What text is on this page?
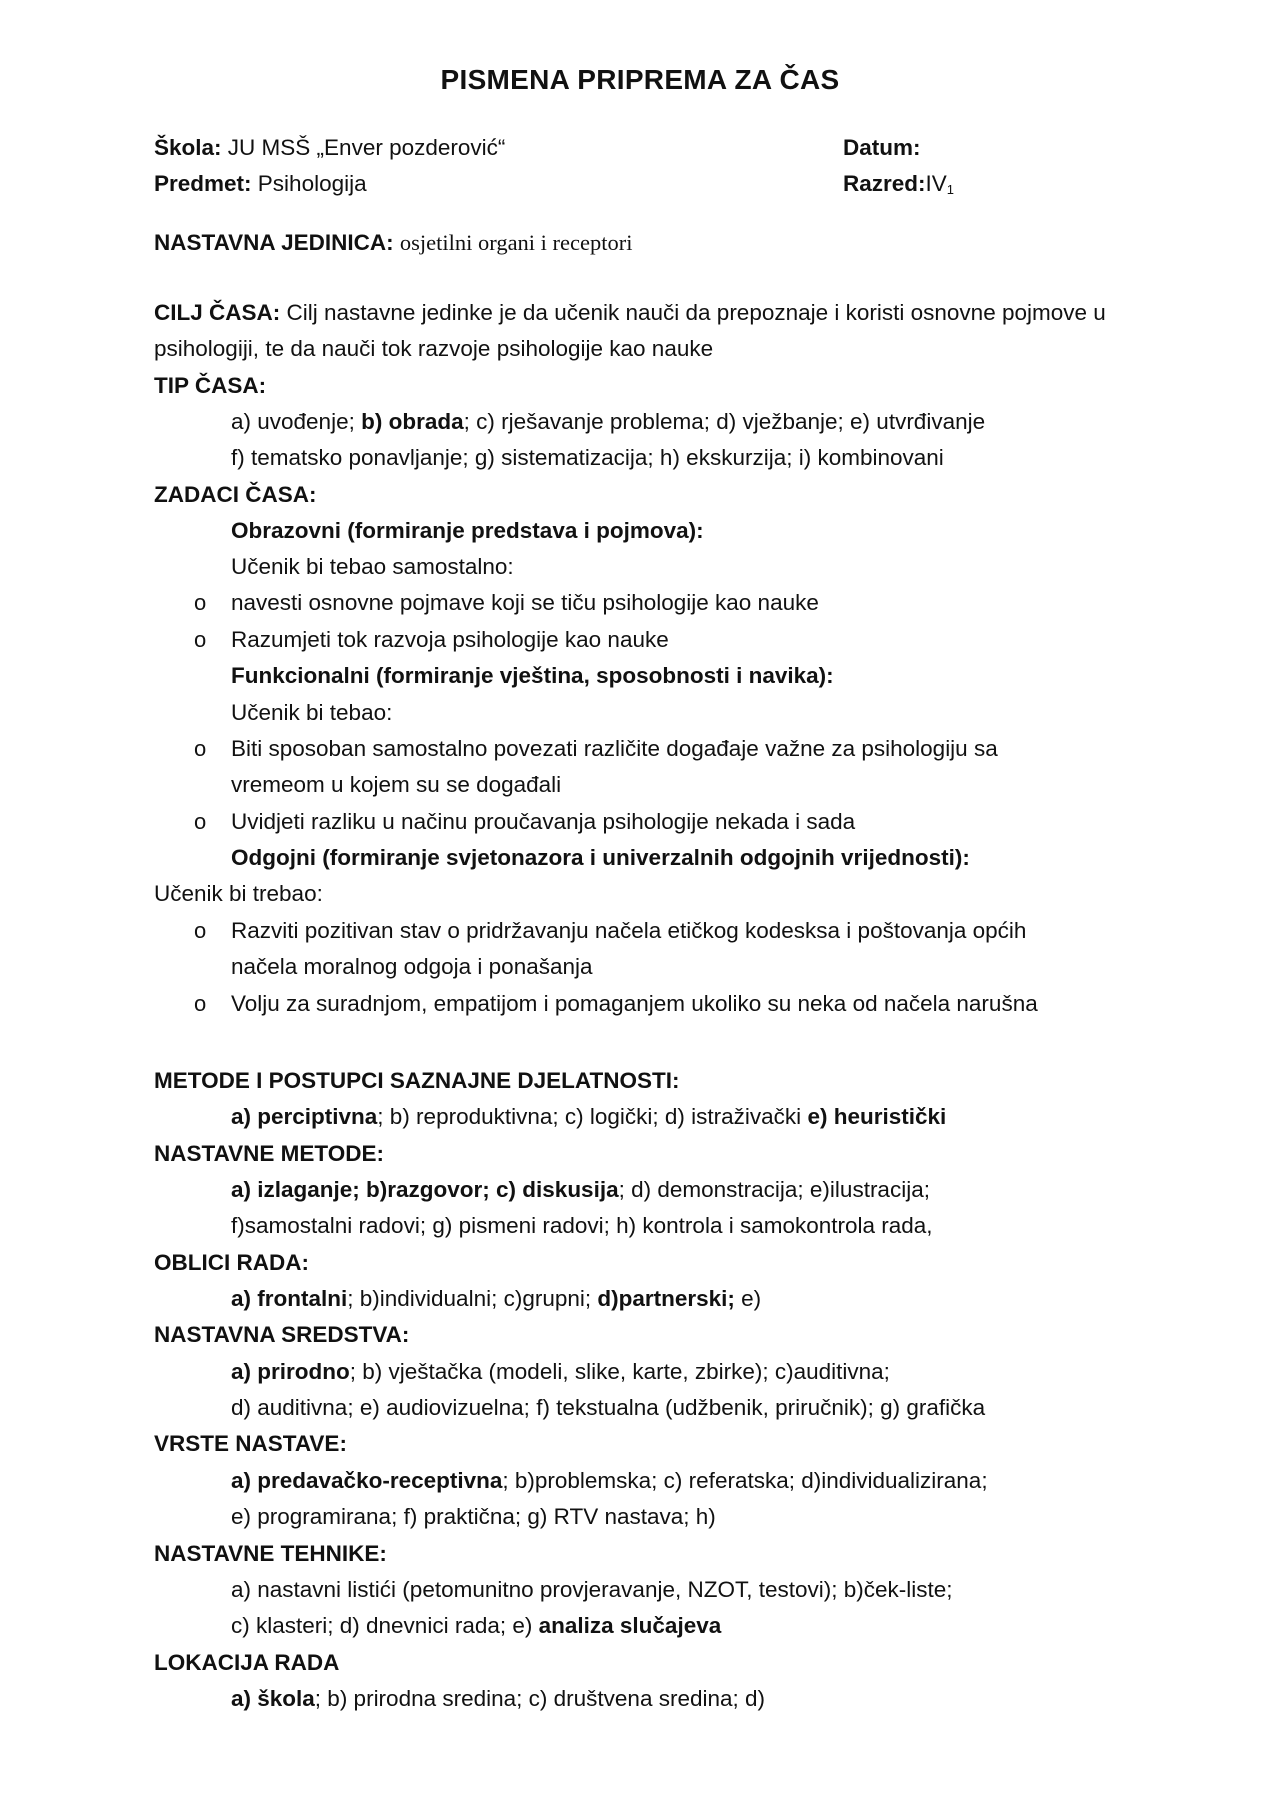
PISMENA PRIPREMA ZA ČAS
Škola: JU MSŠ „Enver pozderović“	Datum:
Predmet: Psihologija	$Razred:IV_1$
NASTAVNA JEDINICA: osjetilni organi i receptori
CILJ ČASA: Cilj nastavne jedinke je da učenik nauči da prepoznaje i koristi osnovne pojmove u
psihologiji, te da nauči tok razvoje psihologije kao nauke
TIP ČASA:
a) uvođenje; b) obrada; c) rješavanje problema; d) vježbanje; e) utvrđivanje
f) tematsko ponavljanje; g) sistematizacija; h) ekskurzija; i) kombinovani
ZADACI ČASA:
Obrazovni (formiranje predstava i pojmova):
Učenik bi tebao samostalno:
o navesti osnovne pojmave koji se tiču psihologije kao nauke
o Razumjeti tok razvoja psihologije kao nauke
Funkcionalni (formiranje vještina, sposobnosti i navika):
Učenik bi tebao:
o Biti sposoban samostalno povezati različite događaje važne za psihologiju sa
vremeom u kojem su se događali
o Uvidjeti razliku u načinu proučavanja psihologije nekada i sada
Odgojni (formiranje svjetonazora i univerzalnih odgojnih vrijednosti):
Učenik bi trebao:
o Razviti pozitivan stav o pridržavanju načela etičkog kodesksa i poštovanja općih
načela moralnog odgoja i ponašanja
o Volju za suradnjom, empatijom i pomaganjem ukoliko su neka od načela narušna
METODE I POSTUPCI SAZNAJNE DJELATNOSTI:
a) perciptivna; b) reproduktivna; c) logički; d) istraživački e) heuristički
NASTAVNE METODE:
a) izlaganje; b)razgovor; c) diskusija; d) demonstracija; e)ilustracija;
f)samostalni radovi; g) pismeni radovi; h) kontrola i samokontrola rada,
OBLICI RADA:
a) frontalni; b)individualni; c)grupni; d)partnerski; e)
NASTAVNA SREDSTVA:
a) prirodno; b) vještačka (modeli, slike, karte, zbirke); c)auditivna;
d) auditivna; e) audiovizuelna; f) tekstualna (udžbenik, priručnik); g) grafička
VRSTE NASTAVE:
a) predavačko-receptivna; b)problemska; c) referatska; d)individualizirana;
e) programirana; f) praktična; g) RTV nastava; h)
NASTAVNE TEHNIKE:
a) nastavni listići (petomunitno provjeravanje, NZOT, testovi); b)ček-liste;
c) klasteri; d) dnevnici rada; e) analiza slučajeva
LOKACIJA RADA
a) škola; b) prirodna sredina; c) društvena sredina; d)
